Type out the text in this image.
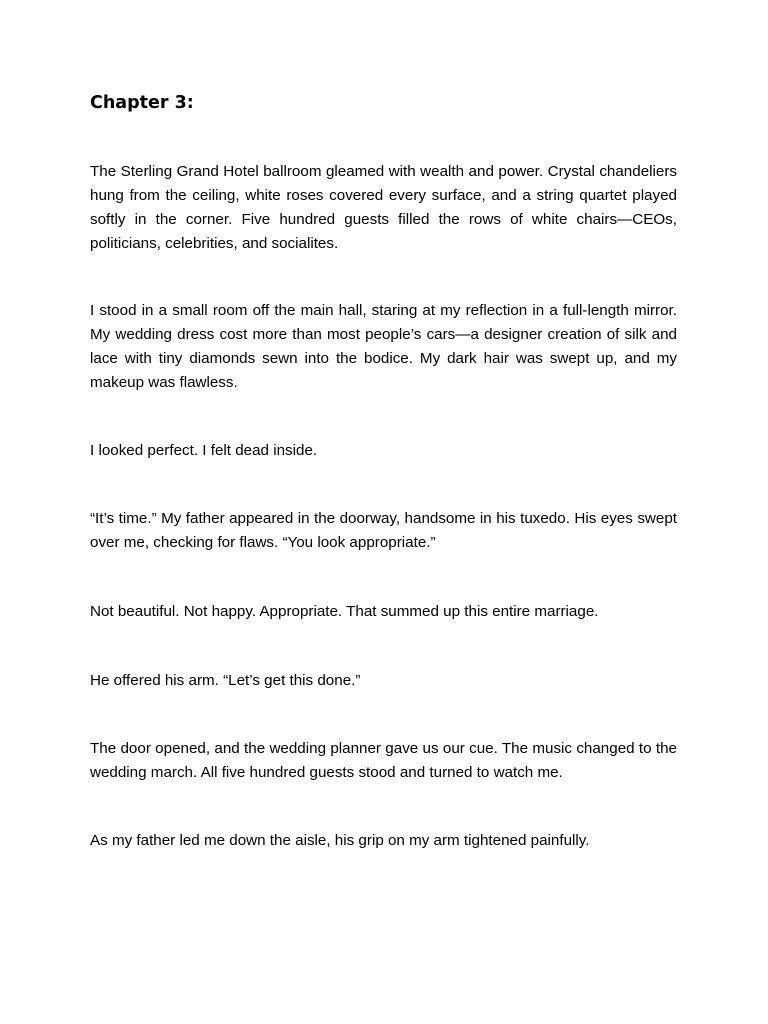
Chapter 3:

The Sterling Grand Hotel ballroom gleamed with wealth and power. Crystal chandeliers hung from the ceiling, white roses covered every surface, and a string quartet played softly in the corner. Five hundred guests filled the rows of white chairs—CEOs, politicians, celebrities, and socialites.

I stood in a small room off the main hall, staring at my reflection in a full-length mirror. My wedding dress cost more than most people’s cars—a designer creation of silk and lace with tiny diamonds sewn into the bodice. My dark hair was swept up, and my makeup was flawless.

I looked perfect. I felt dead inside.

“It’s time.” My father appeared in the doorway, handsome in his tuxedo. His eyes swept over me, checking for flaws. “You look appropriate.”

Not beautiful. Not happy. Appropriate. That summed up this entire marriage.

He offered his arm. “Let’s get this done.”

The door opened, and the wedding planner gave us our cue. The music changed to the wedding march. All five hundred guests stood and turned to watch me.

As my father led me down the aisle, his grip on my arm tightened painfully.
